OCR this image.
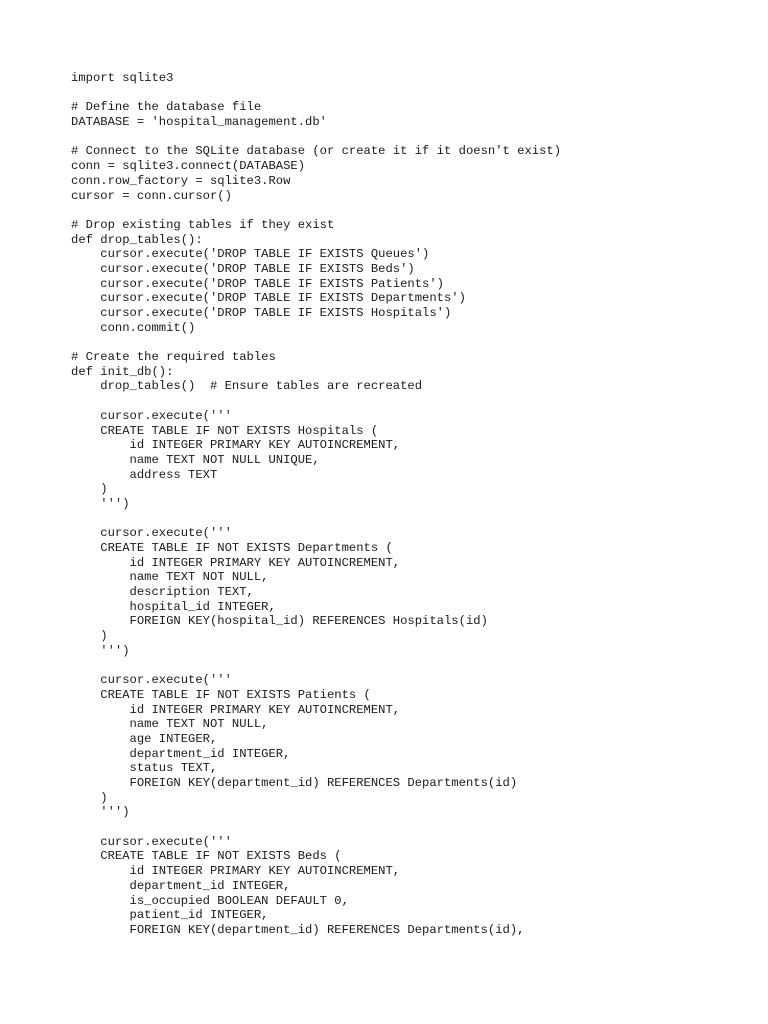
import sqlite3
# Define the database file
DATABASE = 'hospital_management.db'
# Connect to the SQLite database (or create it if it doesn't exist)
conn = sqlite3.connect(DATABASE)
conn.row_factory = sqlite3.Row
cursor = conn.cursor()
# Drop existing tables if they exist
def drop_tables():
cursor.execute('DROP TABLE IF EXISTS Queues')
cursor.execute('DROP TABLE IF EXISTS Beds')
cursor.execute('DROP TABLE IF EXISTS Patients')
cursor.execute('DROP TABLE IF EXISTS Departments')
cursor.execute('DROP TABLE IF EXISTS Hospitals')
conn.commit()
# Create the required tables
def init_db():
drop_tables()  # Ensure tables are recreated
cursor.execute('''
CREATE TABLE IF NOT EXISTS Hospitals (
id INTEGER PRIMARY KEY AUTOINCREMENT,
name TEXT NOT NULL UNIQUE,
address TEXT
)
''')
cursor.execute('''
CREATE TABLE IF NOT EXISTS Departments (
id INTEGER PRIMARY KEY AUTOINCREMENT,
name TEXT NOT NULL,
description TEXT,
hospital_id INTEGER,
FOREIGN KEY(hospital_id) REFERENCES Hospitals(id)
)
''')
cursor.execute('''
CREATE TABLE IF NOT EXISTS Patients (
id INTEGER PRIMARY KEY AUTOINCREMENT,
name TEXT NOT NULL,
age INTEGER,
department_id INTEGER,
status TEXT,
FOREIGN KEY(department_id) REFERENCES Departments(id)
)
''')
cursor.execute('''
CREATE TABLE IF NOT EXISTS Beds (
id INTEGER PRIMARY KEY AUTOINCREMENT,
department_id INTEGER,
is_occupied BOOLEAN DEFAULT 0,
patient_id INTEGER,
FOREIGN KEY(department_id) REFERENCES Departments(id),
